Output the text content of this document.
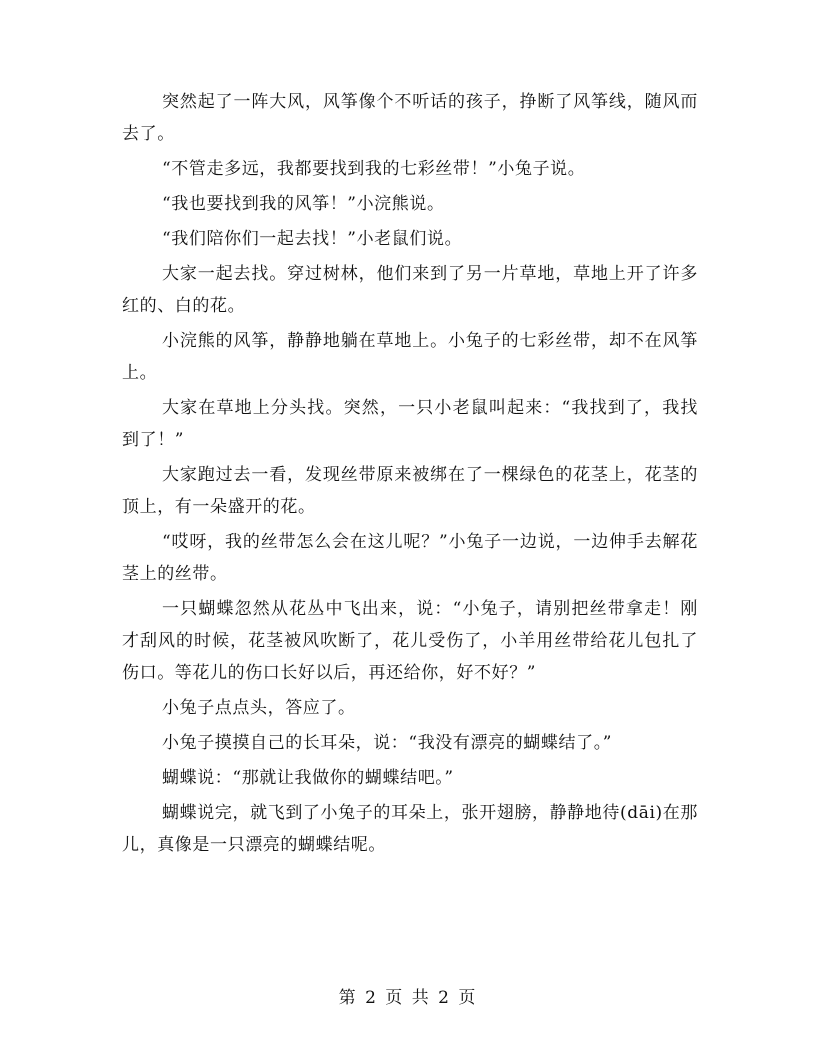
突然起了一阵大风，风筝像个不听话的孩子，挣断了风筝线，随风而去了。

“不管走多远，我都要找到我的七彩丝带！”小兔子说。

“我也要找到我的风筝！”小浣熊说。

“我们陪你们一起去找！”小老鼠们说。

大家一起去找。穿过树林，他们来到了另一片草地，草地上开了许多红的、白的花。

小浣熊的风筝，静静地躺在草地上。小兔子的七彩丝带，却不在风筝上。

大家在草地上分头找。突然，一只小老鼠叫起来：“我找到了，我找到了！”

大家跑过去一看，发现丝带原来被绑在了一棵绿色的花茎上，花茎的顶上，有一朵盛开的花。

“哎呀，我的丝带怎么会在这儿呢？”小兔子一边说，一边伸手去解花茎上的丝带。

一只蝴蝶忽然从花丛中飞出来，说：“小兔子，请别把丝带拿走！刚才刮风的时候，花茎被风吹断了，花儿受伤了，小羊用丝带给花儿包扎了伤口。等花儿的伤口长好以后，再还给你，好不好？”

小兔子点点头，答应了。

小兔子摸摸自己的长耳朵，说：“我没有漂亮的蝴蝶结了。”

蝴蝶说：“那就让我做你的蝴蝶结吧。”

蝴蝶说完，就飞到了小兔子的耳朵上，张开翅膀，静静地待(dāi)在那儿，真像是一只漂亮的蝴蝶结呢。

第 2 页 共 2 页
